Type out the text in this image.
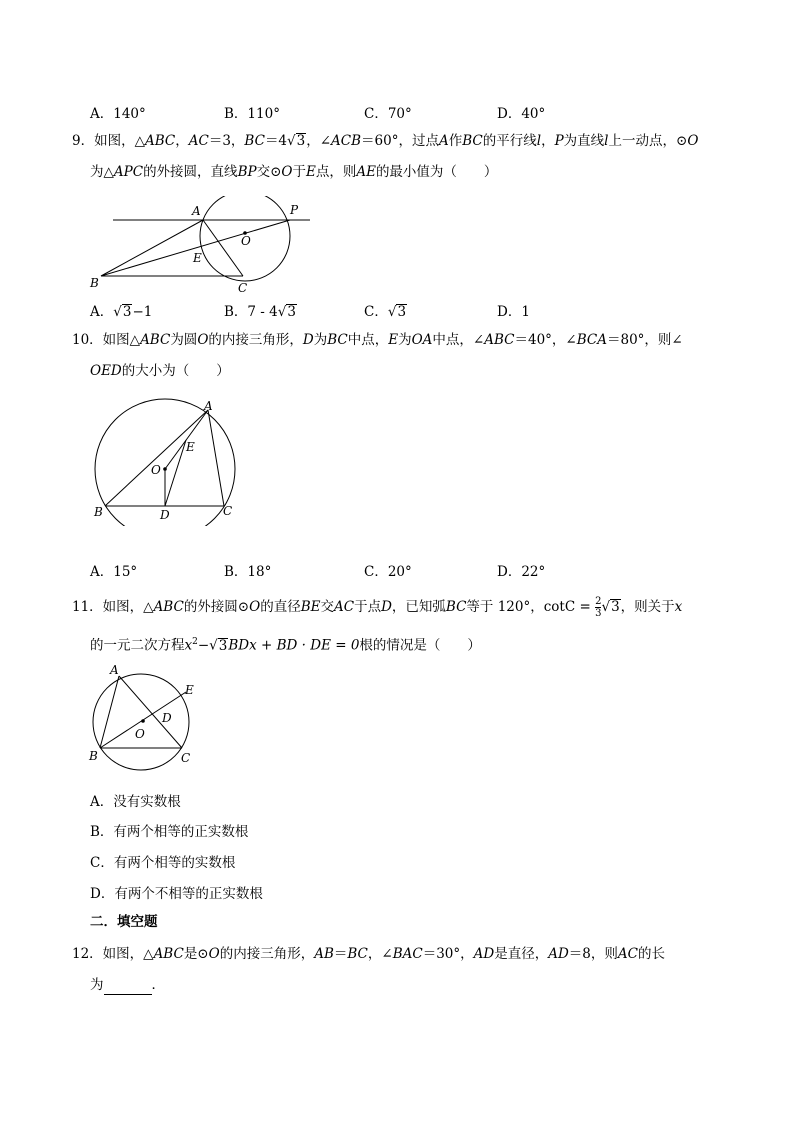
A．140°	B．110°	C．70°	D．40°
9．如图，△ABC，AC＝3，BC＝4√3，∠ACB＝60°，过点A作BC的平行线l，P为直线l上一动点，⊙O
为△APC的外接圆，直线BP交⊙O于E点，则AE的最小值为（　　）
A	P
O
E
B	C
A．√3−1	B．7 - 4√3	C．√3	D．1
10．如图△ABC为圆O的内接三角形，D为BC中点，E为OA中点，∠ABC＝40°，∠BCA＝80°，则∠
OED的大小为（　　）
A
E
O
B	D	C
A．15°	B．18°	C．20°	D．22°
11．如图，△ABC的外接圆⊙O的直径BE交AC于点D，已知弧BC等于 120°，$\cot C = \frac{2}{3} √3$，则关于x
的一元二次方程$x^2-√3BDx$ + BD · DE = 0根的情况是（　　）
A
E
D
O
B	C
A．没有实数根
B．有两个相等的正实数根
C．有两个相等的实数根
D．有两个不相等的正实数根
二．填空题
12．如图，△ABC是⊙O的内接三角形，AB＝BC，∠BAC＝30°，AD是直径，AD＝8，则AC的长
为	．
